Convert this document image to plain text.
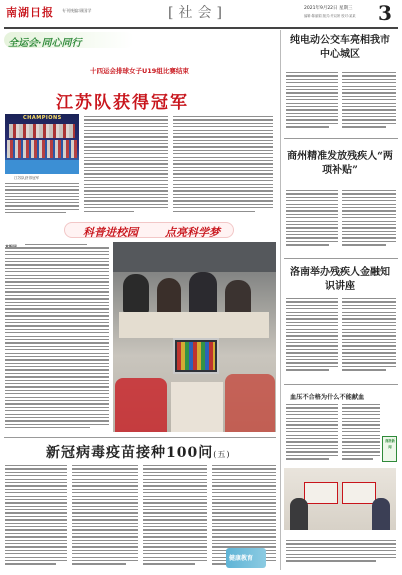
南湖日报 专刊统编:顾国学	[社会]	2021年9月22日 星期三
编辑:陈丽娟 版式:许双妍 校对:某某 3
全运会·同心同行
十四运会排球女子U19组比赛结束
江苏队获得冠军
CHAMPIONS
江苏队获得冠军
科普进校园 点亮科学梦
新冠病毒疫苗接种100问(五)
纯电动公交车亮相我市中心城区
商州精准发放残疾人“两项补贴”
洛南举办残疾人金融知识讲座
血压不合格为什么不能献血
商洛新闻
健康教育
